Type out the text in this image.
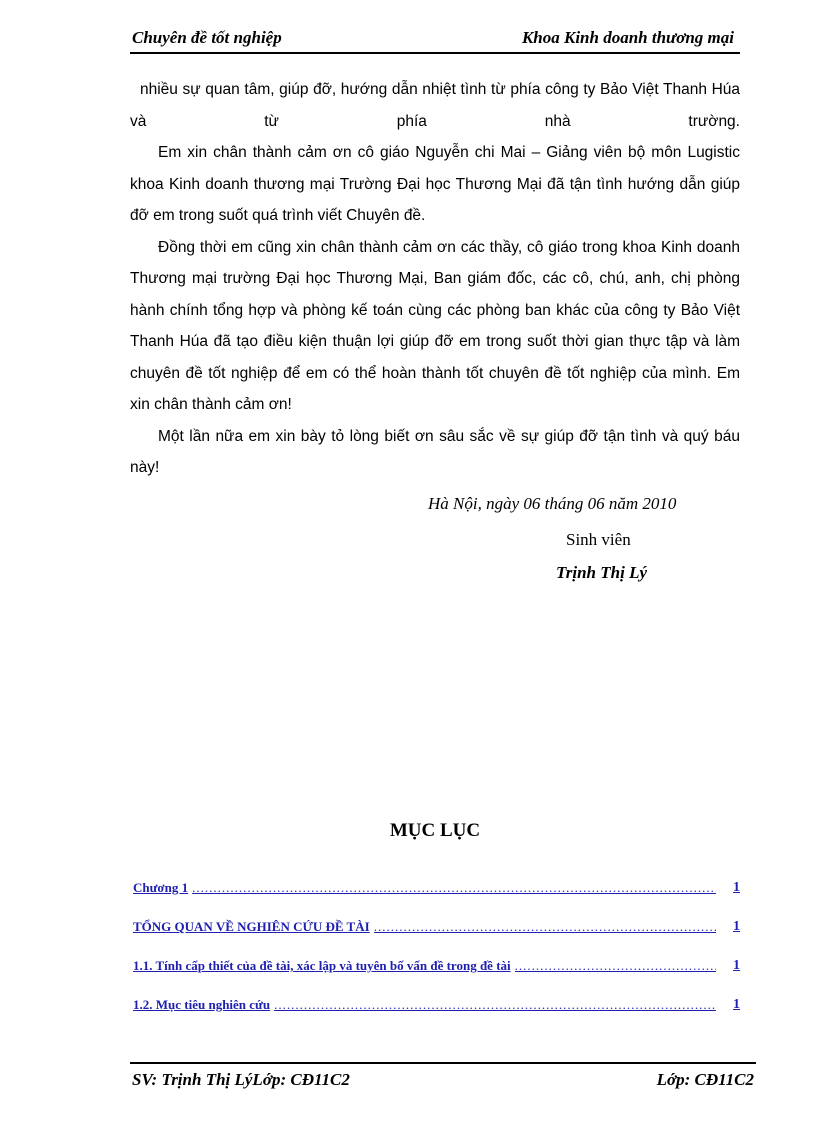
Chuyên đề tốt nghiệp	Khoa Kinh doanh thương mại

nhiều sự quan tâm, giúp đỡ, hướng dẫn nhiệt tình từ phía công ty Bảo Việt Thanh Húa và từ phía nhà trường.

Em xin chân thành cảm ơn cô giáo Nguyễn chi Mai – Giảng viên bộ môn Lugistic khoa Kinh doanh thương mại Trường Đại học Thương Mại đã tận tình hướng dẫn giúp đỡ em trong suốt quá trình viết Chuyên đề.

Đồng thời em cũng xin chân thành cảm ơn các thầy, cô giáo trong khoa Kinh doanh Thương mại trường Đại học Thương Mại, Ban giám đốc, các cô, chú, anh, chị phòng hành chính tổng hợp và phòng kế toán cùng các phòng ban khác của công ty Bảo Việt Thanh Húa đã tạo điều kiện thuận lợi giúp đỡ em trong suốt thời gian thực tập và làm chuyên đề tốt nghiệp để em có thể hoàn thành tốt chuyên đề tốt nghiệp của mình. Em xin chân thành cảm ơn!

Một lần nữa em xin bày tỏ lòng biết ơn sâu sắc về sự giúp đỡ tận tình và quý báu này!

Hà Nội, ngày 06 tháng 06 năm 2010
Sinh viên
Trịnh Thị Lý
MỤC LỤC
Chương 1 .....	1
TỔNG QUAN VỀ NGHIÊN CỨU ĐỀ TÀI .....	1
1.1. Tính cấp thiết của đề tài, xác lập và tuyên bố vấn đề trong đề tài .....	1
1.2. Mục tiêu nghiên cứu .....	1
SV: Trịnh Thị LýLớp: CĐ11C2	Lớp: CĐ11C2
